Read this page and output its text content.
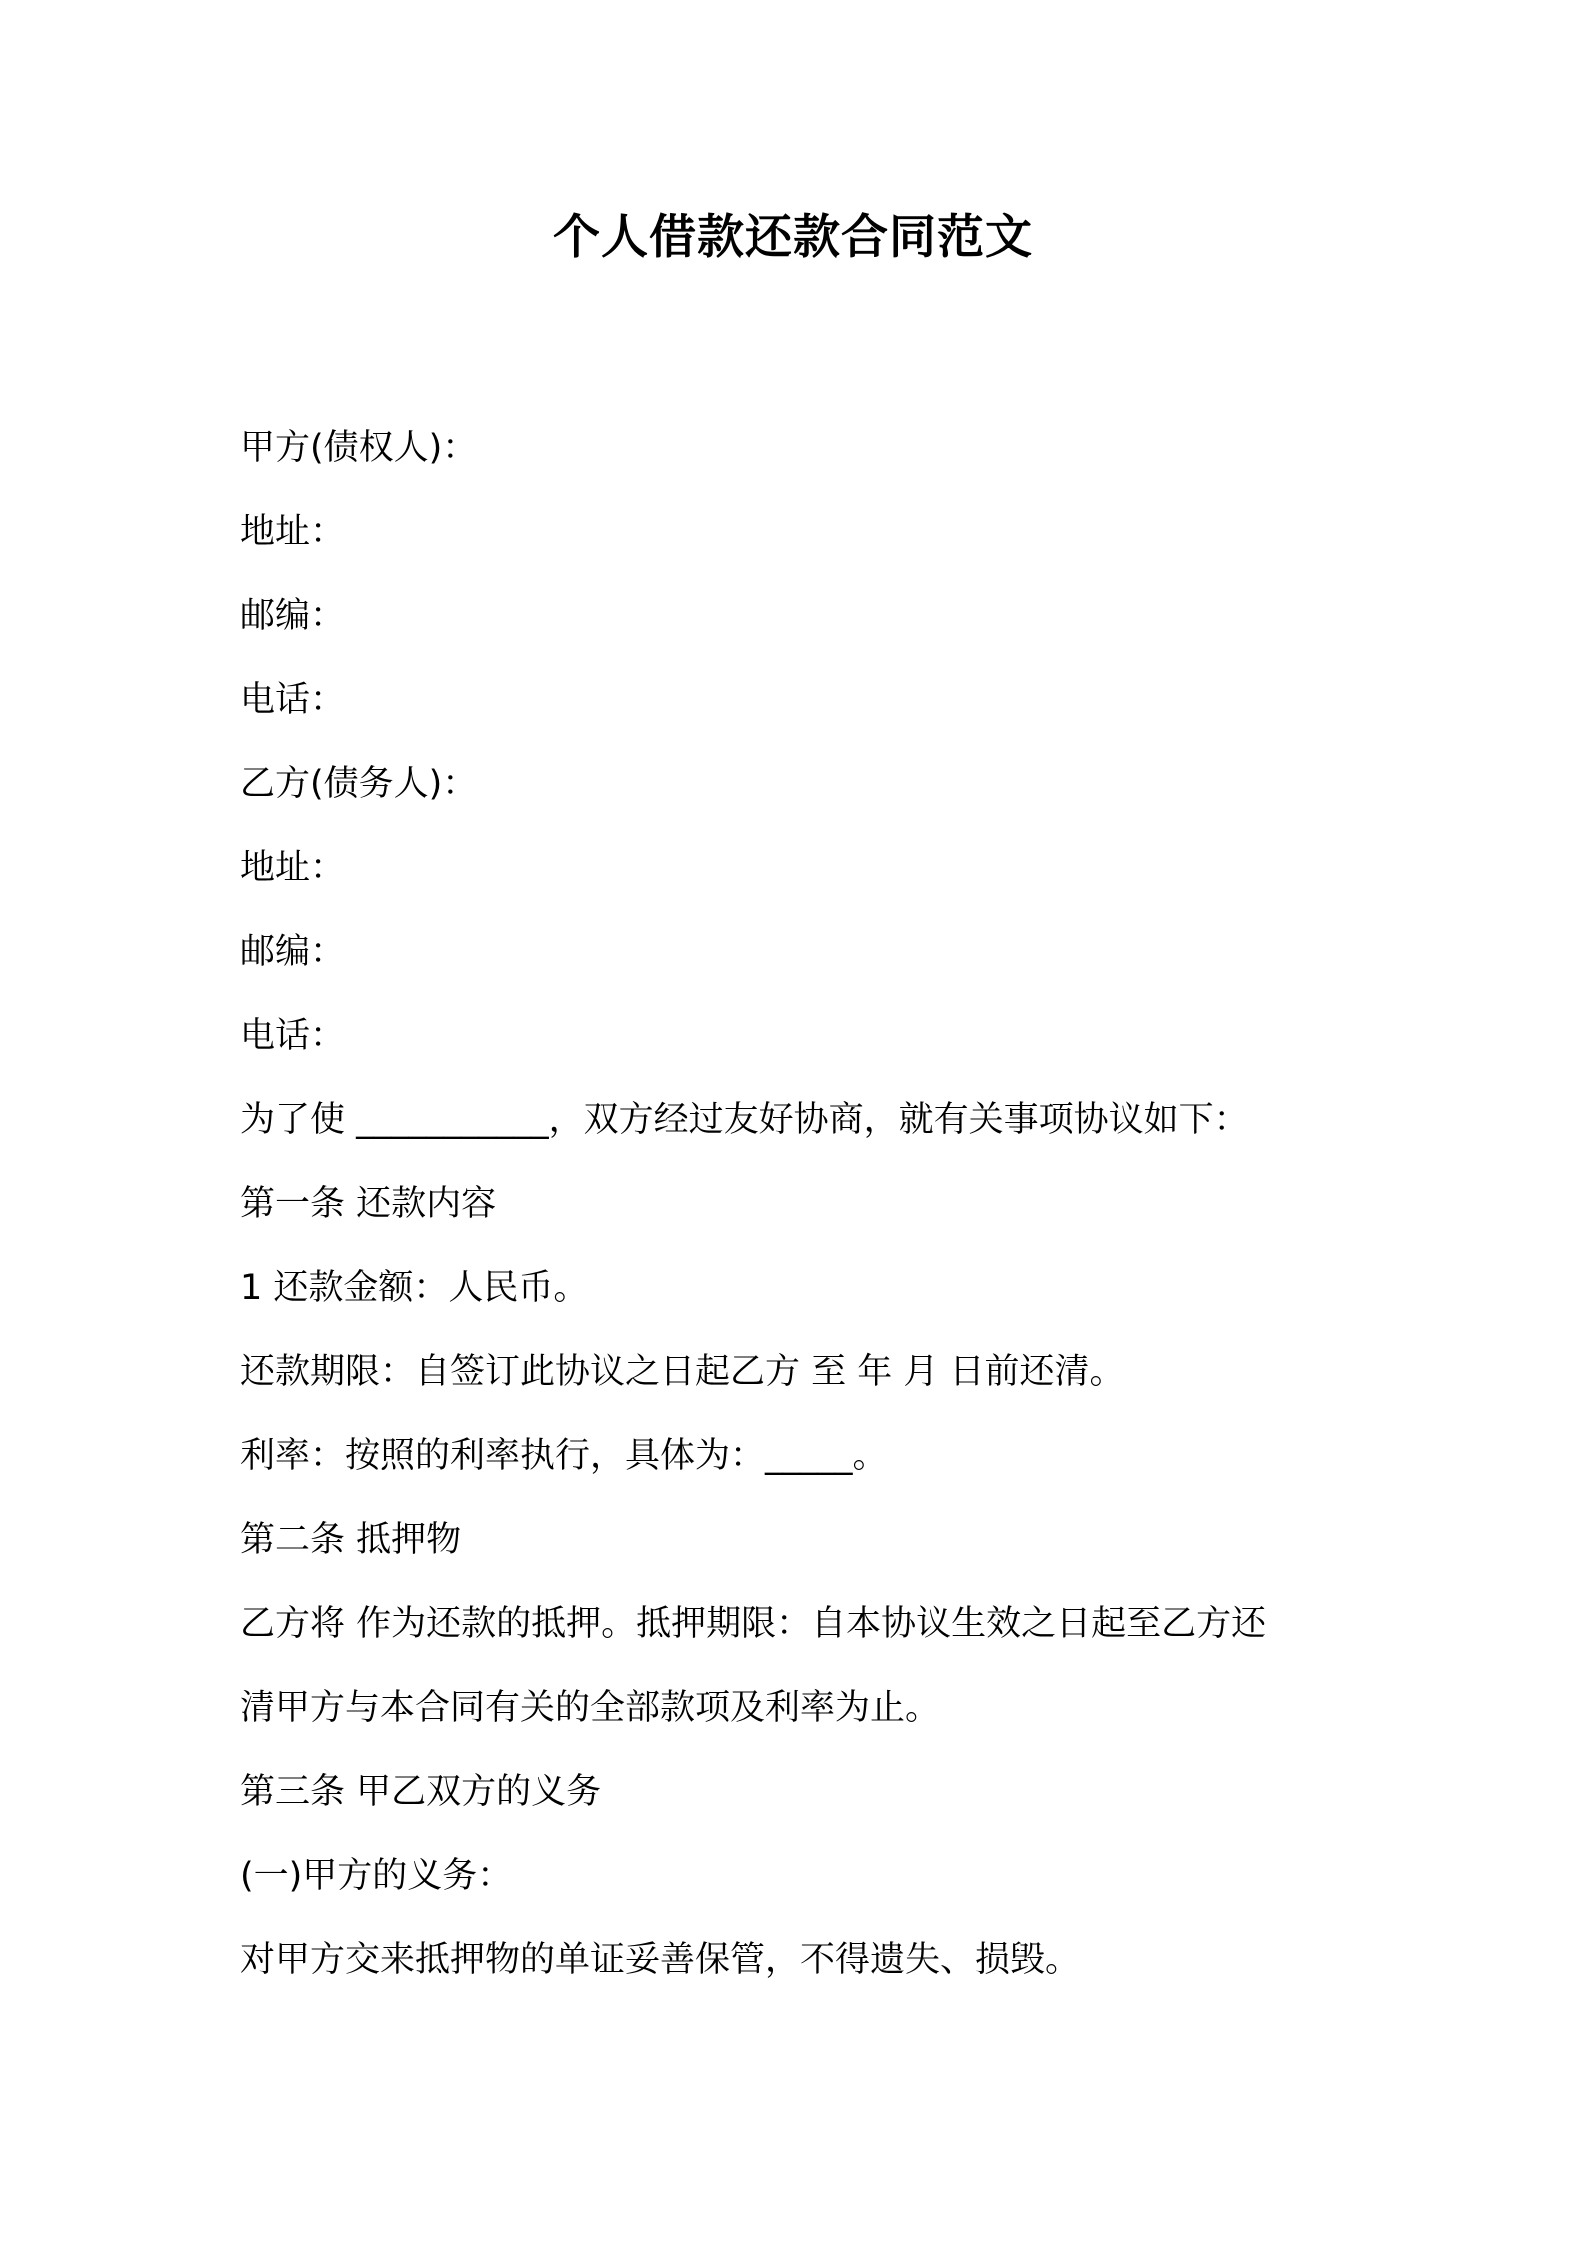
个人借款还款合同范文
甲方(债权人)：
地址：
邮编：
电话：
乙方(债务人)：
地址：
邮编：
电话：
为了使 ___________，双方经过友好协商，就有关事项协议如下：
第一条 还款内容
1 还款金额：人民币。
还款期限：自签订此协议之日起乙方 至 年 月 日前还清。
利率：按照的利率执行，具体为：_____。
第二条 抵押物
乙方将 作为还款的抵押。抵押期限：自本协议生效之日起至乙方还
清甲方与本合同有关的全部款项及利率为止。
第三条 甲乙双方的义务
(一)甲方的义务：
对甲方交来抵押物的单证妥善保管，不得遗失、损毁。
